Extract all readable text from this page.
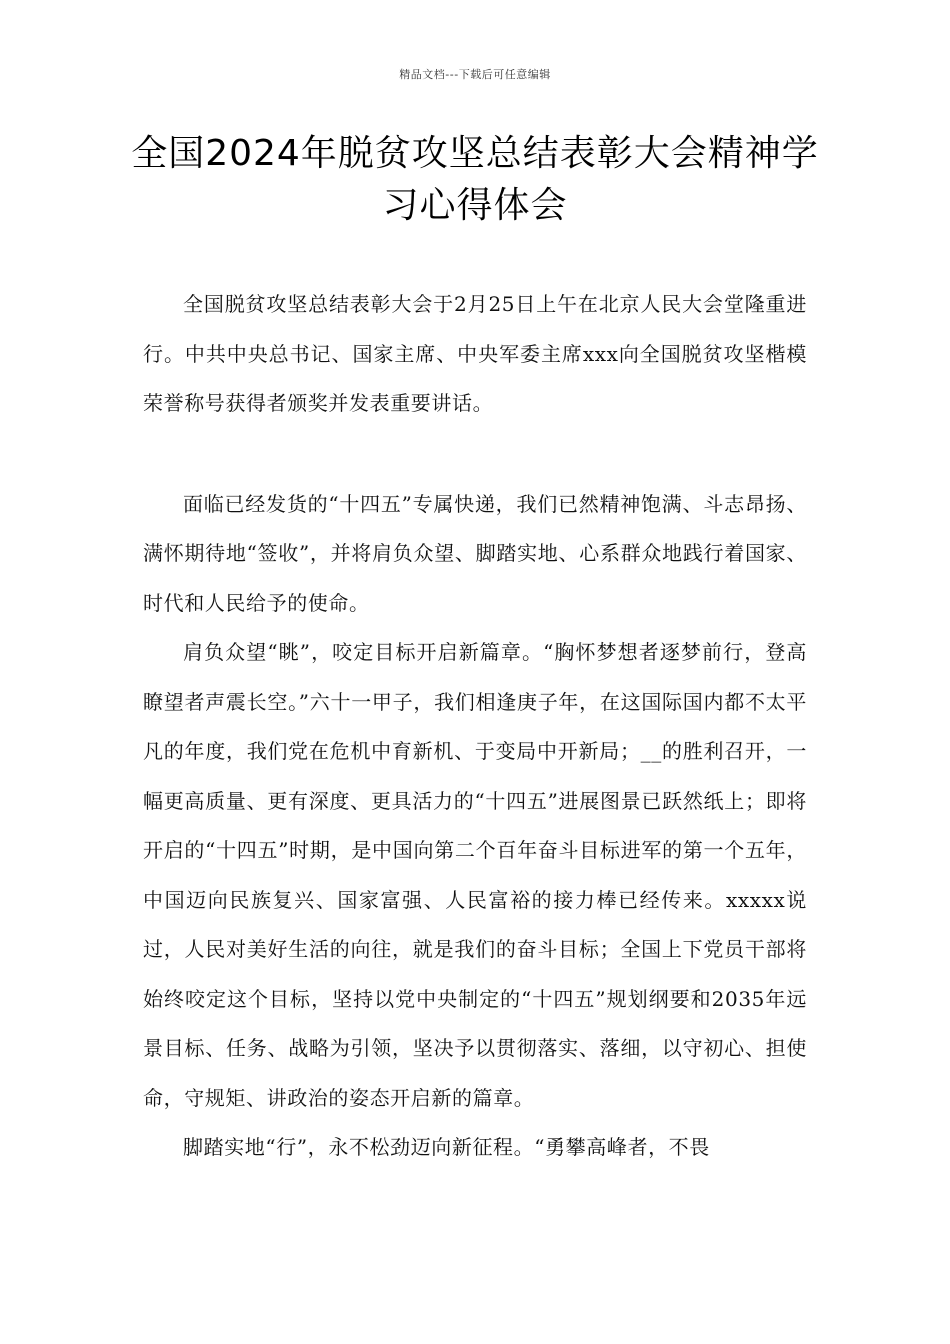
精品文档---下载后可任意编辑
全国2024年脱贫攻坚总结表彰大会精神学习心得体会

全国脱贫攻坚总结表彰大会于2月25日上午在北京人民大会堂隆重进行。中共中央总书记、国家主席、中央军委主席xxx向全国脱贫攻坚楷模荣誉称号获得者颁奖并发表重要讲话。

面临已经发货的“十四五”专属快递，我们已然精神饱满、斗志昂扬、满怀期待地“签收”，并将肩负众望、脚踏实地、心系群众地践行着国家、时代和人民给予的使命。

肩负众望“眺”，咬定目标开启新篇章。“胸怀梦想者逐梦前行，登高瞭望者声震长空。”六十一甲子，我们相逢庚子年，在这国际国内都不太平凡的年度，我们党在危机中育新机、于变局中开新局；__的胜利召开，一幅更高质量、更有深度、更具活力的“十四五”进展图景已跃然纸上；即将开启的“十四五”时期，是中国向第二个百年奋斗目标进军的第一个五年，中国迈向民族复兴、国家富强、人民富裕的接力棒已经传来。xxxxx说过，人民对美好生活的向往，就是我们的奋斗目标；全国上下党员干部将始终咬定这个目标，坚持以党中央制定的“十四五”规划纲要和2035年远景目标、任务、战略为引领，坚决予以贯彻落实、落细，以守初心、担使命，守规矩、讲政治的姿态开启新的篇章。

脚踏实地“行”，永不松劲迈向新征程。“勇攀高峰者，不畏
